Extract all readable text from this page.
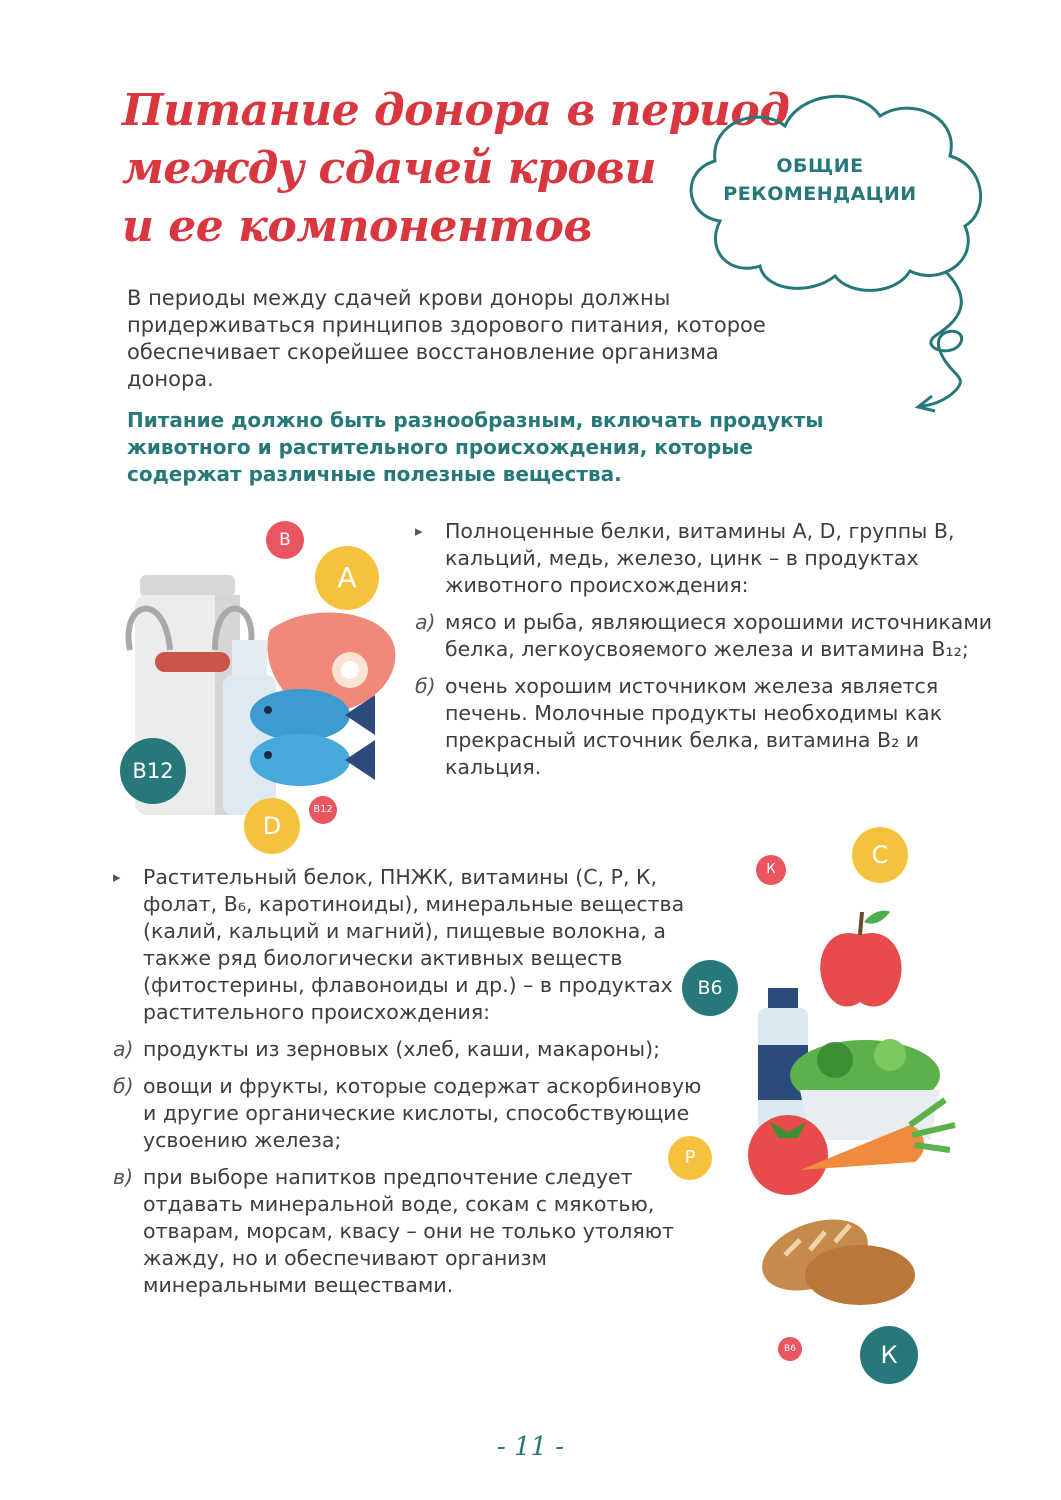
Питание донора в период
между сдачей крови
и ее компонентов
ОБЩИЕ
РЕКОМЕНДАЦИИ

В периоды между сдачей крови доноры должны придерживаться принципов здорового питания, которое обеспечивает скорейшее восстановление организма донора.

Питание должно быть разнообразным, включать продукты животного и растительного происхождения, которые содержат различные полезные вещества.
В
А
В12
D
В12

▸ Полноценные белки, витамины А, D, группы В, кальций, медь, железо, цинк – в продуктах животного происхождения:

а) мясо и рыба, являющиеся хорошими источниками белка, легкоусвояемого железа и витамина В₁₂;

б) очень хорошим источником железа является печень. Молочные продукты необходимы как прекрасный источник белка, витамина В₂ и кальция.

▸ Растительный белок, ПНЖК, витамины (С, Р, К, фолат, В₆, каротиноиды), минеральные вещества (калий, кальций и магний), пищевые волокна, а также ряд биологически активных веществ (фитостерины, флавоноиды и др.) – в продуктах растительного происхождения:

а) продукты из зерновых (хлеб, каши, макароны);

б) овощи и фрукты, которые содержат аскорбиновую и другие органические кислоты, способствующие усвоению железа;

в) при выборе напитков предпочтение следует отдавать минеральной воде, сокам с мякотью, отварам, морсам, квасу – они не только утоляют жажду, но и обеспечивают организм минеральными веществами.

К
С
В6
Р
В6	К
- 11 -
